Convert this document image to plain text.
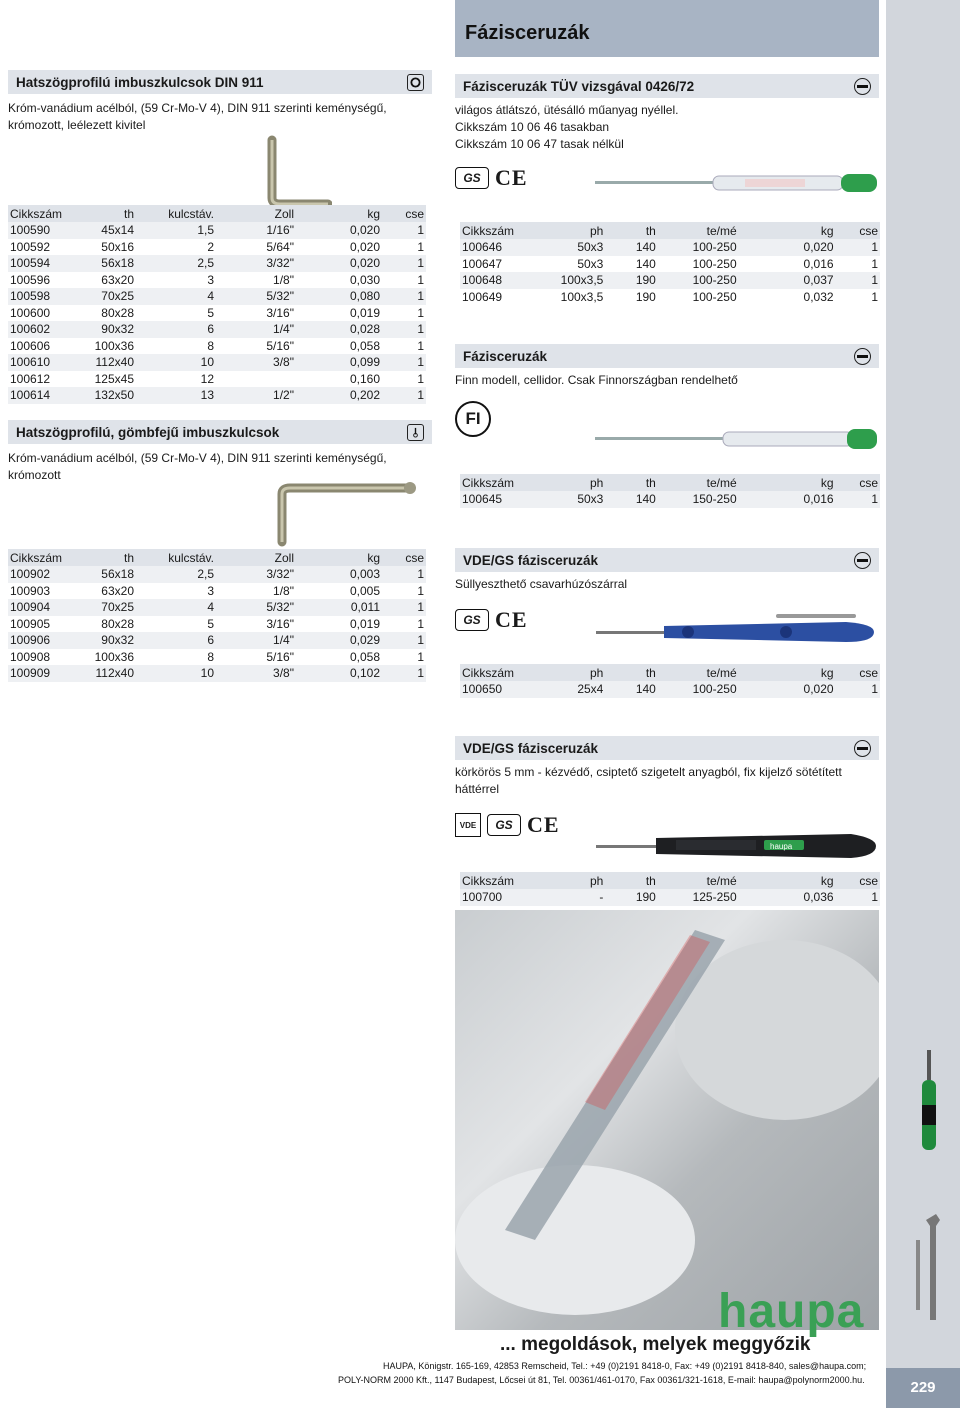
Fázisceruzák
229
Hatszögprofilú imbuszkulcsok DIN 911
Króm-vanádium acélból, (59 Cr-Mo-V 4), DIN 911 szerinti keménységű,
krómozott, leélezett kivitel
Cikkszám	th	kulcstáv.	Zoll	kg	cse
100590	45x14	1,5	1/16"	0,020	1
100592	50x16	2	5/64"	0,020	1
100594	56x18	2,5	3/32"	0,020	1
100596	63x20	3	1/8"	0,030	1
100598	70x25	4	5/32"	0,080	1
100600	80x28	5	3/16"	0,019	1
100602	90x32	6	1/4"	0,028	1
100606	100x36	8	5/16"	0,058	1
100610	112x40	10	3/8"	0,099	1
100612	125x45	12		0,160	1
100614	132x50	13	1/2"	0,202	1
Hatszögprofilú, gömbfejű imbuszkulcsok
Króm-vanádium acélból, (59 Cr-Mo-V 4), DIN 911 szerinti keménységű,
krómozott
Cikkszám	th	kulcstáv.	Zoll	kg	cse
100902	56x18	2,5	3/32"	0,003	1
100903	63x20	3	1/8"	0,005	1
100904	70x25	4	5/32"	0,011	1
100905	80x28	5	3/16"	0,019	1
100906	90x32	6	1/4"	0,029	1
100908	100x36	8	5/16"	0,058	1
100909	112x40	10	3/8"	0,102	1
Fázisceruzák TÜV vizsgával 0426/72
világos átlátszó, ütésálló műanyag nyéllel.
Cikkszám 10 06 46 tasakban
Cikkszám 10 06 47 tasak nélkül
GS CE
Cikkszám	ph	th	te/mé	kg	cse
100646	50x3	140	100-250	0,020	1
100647	50x3	140	100-250	0,016	1
100648	100x3,5	190	100-250	0,037	1
100649	100x3,5	190	100-250	0,032	1
Fázisceruzák
Finn modell, cellidor. Csak Finnországban rendelhető
FI
Cikkszám	ph	th	te/mé	kg	cse
100645	50x3	140	150-250	0,016	1
VDE/GS fázisceruzák
Süllyeszthető csavarhúzószárral
GS CE
Cikkszám	ph	th	te/mé	kg	cse
100650	25x4	140	100-250	0,020	1
VDE/GS fázisceruzák
körkörös 5 mm - kézvédő, csiptető szigetelt anyagból, fix kijelző sötétített
háttérrel
VDE	GS CE
haupa
Cikkszám	ph	th	te/mé	kg	cse
100700	-	190	125-250	0,036	1
haupa
... megoldások, melyek meggyőzik
HAUPA, Königstr. 165-169, 42853 Remscheid, Tel.: +49 (0)2191 8418-0, Fax: +49 (0)2191 8418-840, sales@haupa.com;
POLY-NORM 2000 Kft., 1147 Budapest, Lőcsei út 81, Tel. 00361/461-0170, Fax 00361/321-1618, E-mail: haupa@polynorm2000.hu.
